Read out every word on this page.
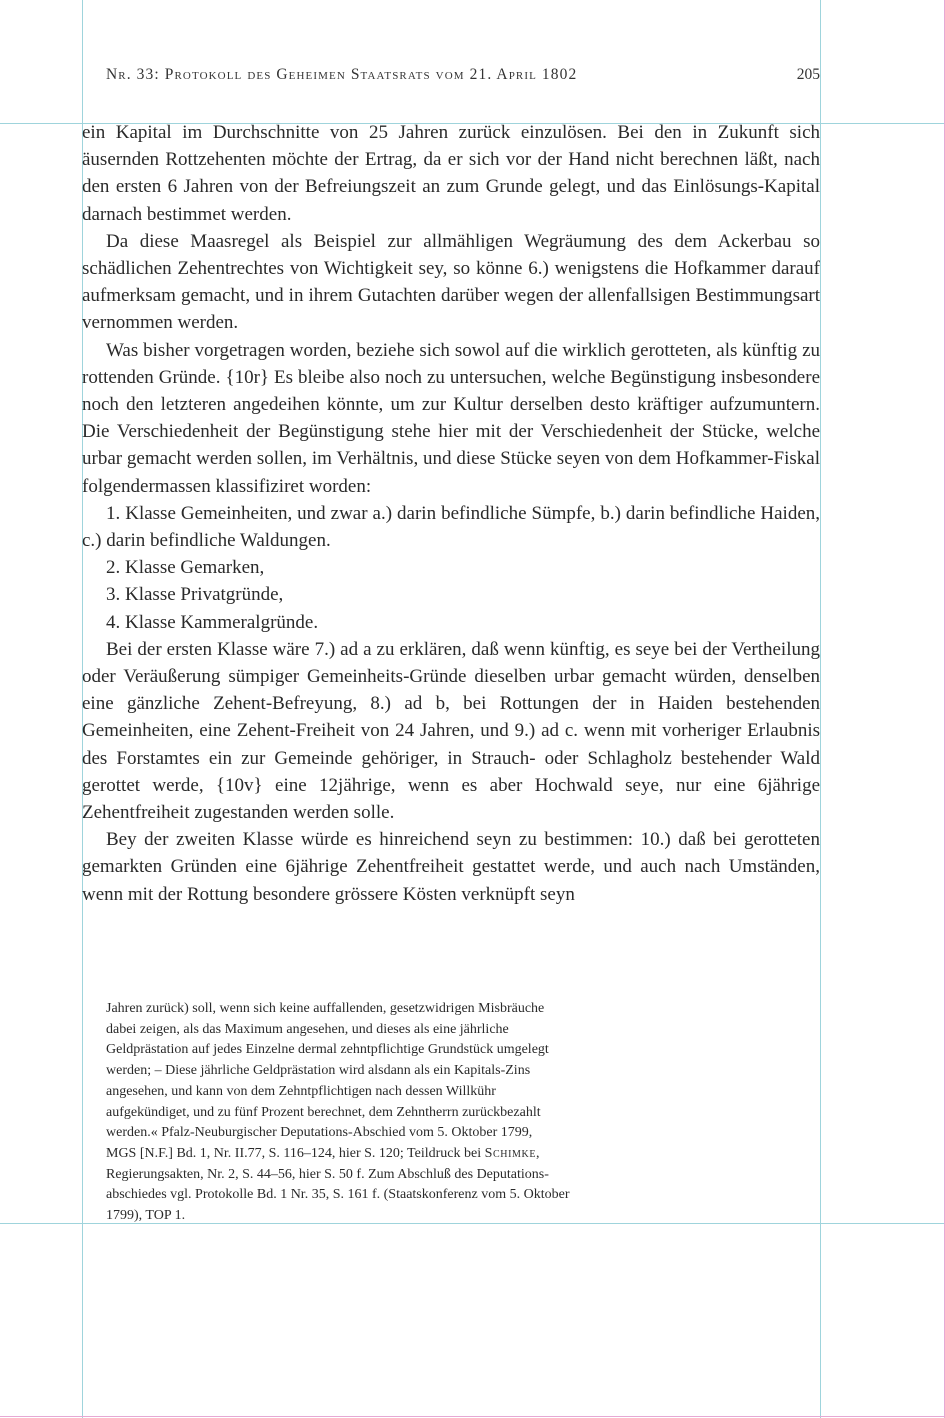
Nr. 33: Protokoll des Geheimen Staatsrats vom 21. April 1802	205

ein Kapital im Durchschnitte von 25 Jahren zurück einzulösen. Bei den in Zukunft sich äusernden Rottzehenten möchte der Ertrag, da er sich vor der Hand nicht berechnen läßt, nach den ersten 6 Jahren von der Befreiungszeit an zum Grunde gelegt, und das Einlösungs-Kapital darnach bestimmet werden.

Da diese Maasregel als Beispiel zur allmähligen Wegräumung des dem Ackerbau so schädlichen Zehentrechtes von Wichtigkeit sey, so könne 6.) wenigstens die Hofkammer darauf aufmerksam gemacht, und in ihrem Gutachten darüber wegen der allenfallsigen Bestimmungsart vernommen werden.

Was bisher vorgetragen worden, beziehe sich sowol auf die wirklich gerotteten, als künftig zu rottenden Gründe. {10r} Es bleibe also noch zu untersuchen, welche Begünstigung insbesondere noch den letzteren angedeihen könnte, um zur Kultur derselben desto kräftiger aufzumuntern. Die Verschiedenheit der Begünstigung stehe hier mit der Verschiedenheit der Stücke, welche urbar gemacht werden sollen, im Verhältnis, und diese Stücke seyen von dem Hofkammer-Fiskal folgendermassen klassifiziret worden:

1. Klasse Gemeinheiten, und zwar a.) darin befindliche Sümpfe, b.) darin befindliche Haiden, c.) darin befindliche Waldungen.

2. Klasse Gemarken,

3. Klasse Privatgründe,

4. Klasse Kammeralgründe.

Bei der ersten Klasse wäre 7.) ad a zu erklären, daß wenn künftig, es seye bei der Vertheilung oder Veräußerung sümpiger Gemeinheits-Gründe dieselben urbar gemacht würden, denselben eine gänzliche Zehent-Befreyung, 8.) ad b, bei Rottungen der in Haiden bestehenden Gemeinheiten, eine Zehent-Freiheit von 24 Jahren, und 9.) ad c. wenn mit vorheriger Erlaubnis des Forstamtes ein zur Gemeinde gehöriger, in Strauch- oder Schlagholz bestehender Wald gerottet werde, {10v} eine 12jährige, wenn es aber Hochwald seye, nur eine 6jährige Zehentfreiheit zugestanden werden solle.

Bey der zweiten Klasse würde es hinreichend seyn zu bestimmen: 10.) daß bei gerotteten gemarkten Gründen eine 6jährige Zehentfreiheit gestattet werde, und auch nach Umständen, wenn mit der Rottung besondere grössere Kösten verknüpft seyn

Jahren zurück) soll, wenn sich keine auffallenden, gesetzwidrigen Misbräuche
dabei zeigen, als das Maximum angesehen, und dieses als eine jährliche
Geldprästation auf jedes Einzelne dermal zehntpflichtige Grundstück umgelegt
werden; – Diese jährliche Geldprästation wird alsdann als ein Kapitals-Zins
angesehen, und kann von dem Zehntpflichtigen nach dessen Willkühr
aufgekündiget, und zu fünf Prozent berechnet, dem Zehntherrn zurückbezahlt
werden.« Pfalz-Neuburgischer Deputations-Abschied vom 5. Oktober 1799,
MGS [N.F.] Bd. 1, Nr. II.77, S. 116–124, hier S. 120; Teildruck bei Schimke,
Regierungsakten, Nr. 2, S. 44–56, hier S. 50 f. Zum Abschluß des Deputations-
abschiedes vgl. Protokolle Bd. 1 Nr. 35, S. 161 f. (Staatskonferenz vom 5. Oktober
1799), TOP 1.
